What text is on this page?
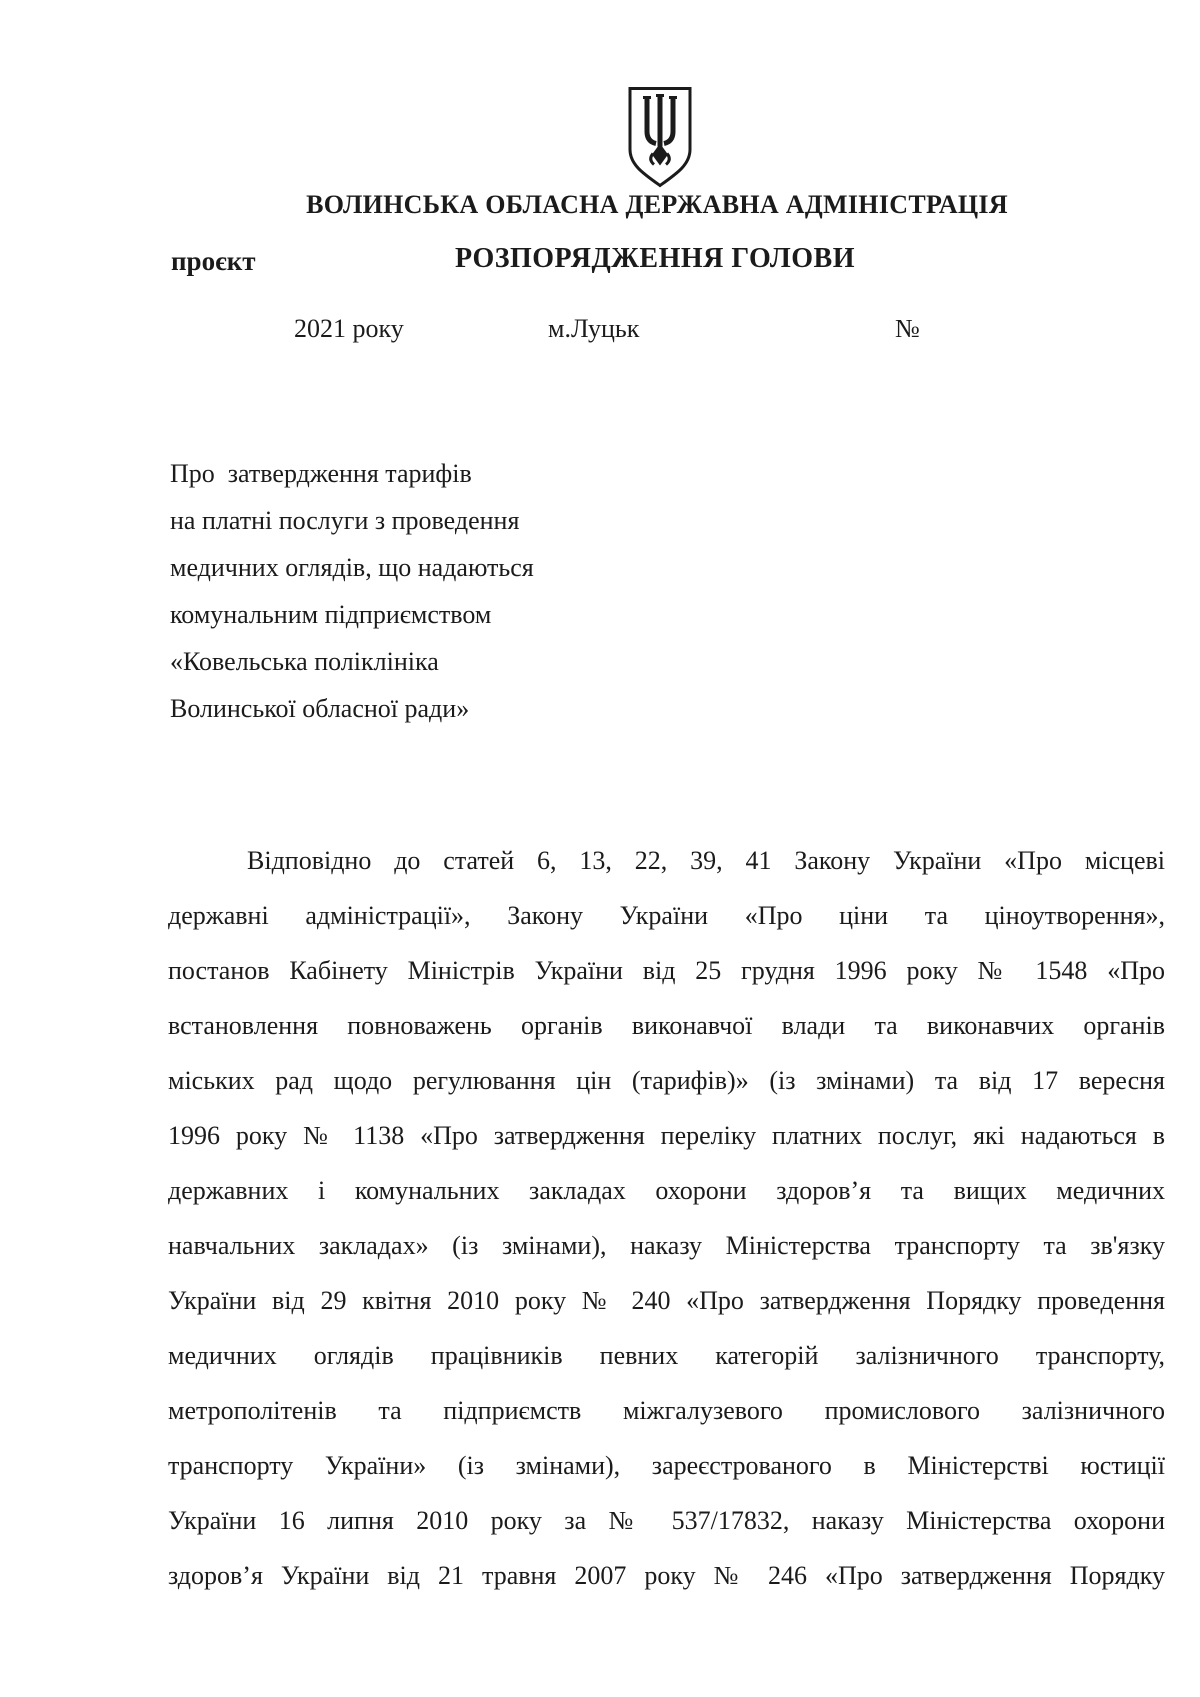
ВОЛИНСЬКА ОБЛАСНА ДЕРЖАВНА АДМІНІСТРАЦІЯ
проєкт	РОЗПОРЯДЖЕННЯ ГОЛОВИ
2021 року	м.Луцьк	№
Про  затвердження тарифів
на платні послуги з проведення
медичних оглядів, що надаються
комунальним підприємством
«Ковельська поліклініка
Волинської обласної ради»
Відповідно до статей 6, 13, 22, 39, 41 Закону України «Про місцеві
державні адміністрації», Закону України «Про ціни та ціноутворення»,
постанов Кабінету Міністрів України від 25 грудня 1996 року № 1548 «Про
встановлення повноважень органів виконавчої влади та виконавчих органів
міських рад щодо регулювання цін (тарифів)» (із змінами) та від 17 вересня
1996 року № 1138 «Про затвердження переліку платних послуг, які надаються в
державних і комунальних закладах охорони здоров’я та вищих медичних
навчальних закладах» (із змінами), наказу Міністерства транспорту та зв'язку
України від 29 квітня 2010 року № 240 «Про затвердження Порядку проведення
медичних оглядів працівників певних категорій залізничного транспорту,
метрополітенів та підприємств міжгалузевого промислового залізничного
транспорту України» (із змінами), зареєстрованого в Міністерстві юстиції
України 16 липня 2010 року за № 537/17832, наказу Міністерства охорони
здоров’я України від 21 травня 2007 року № 246 «Про затвердження Порядку
